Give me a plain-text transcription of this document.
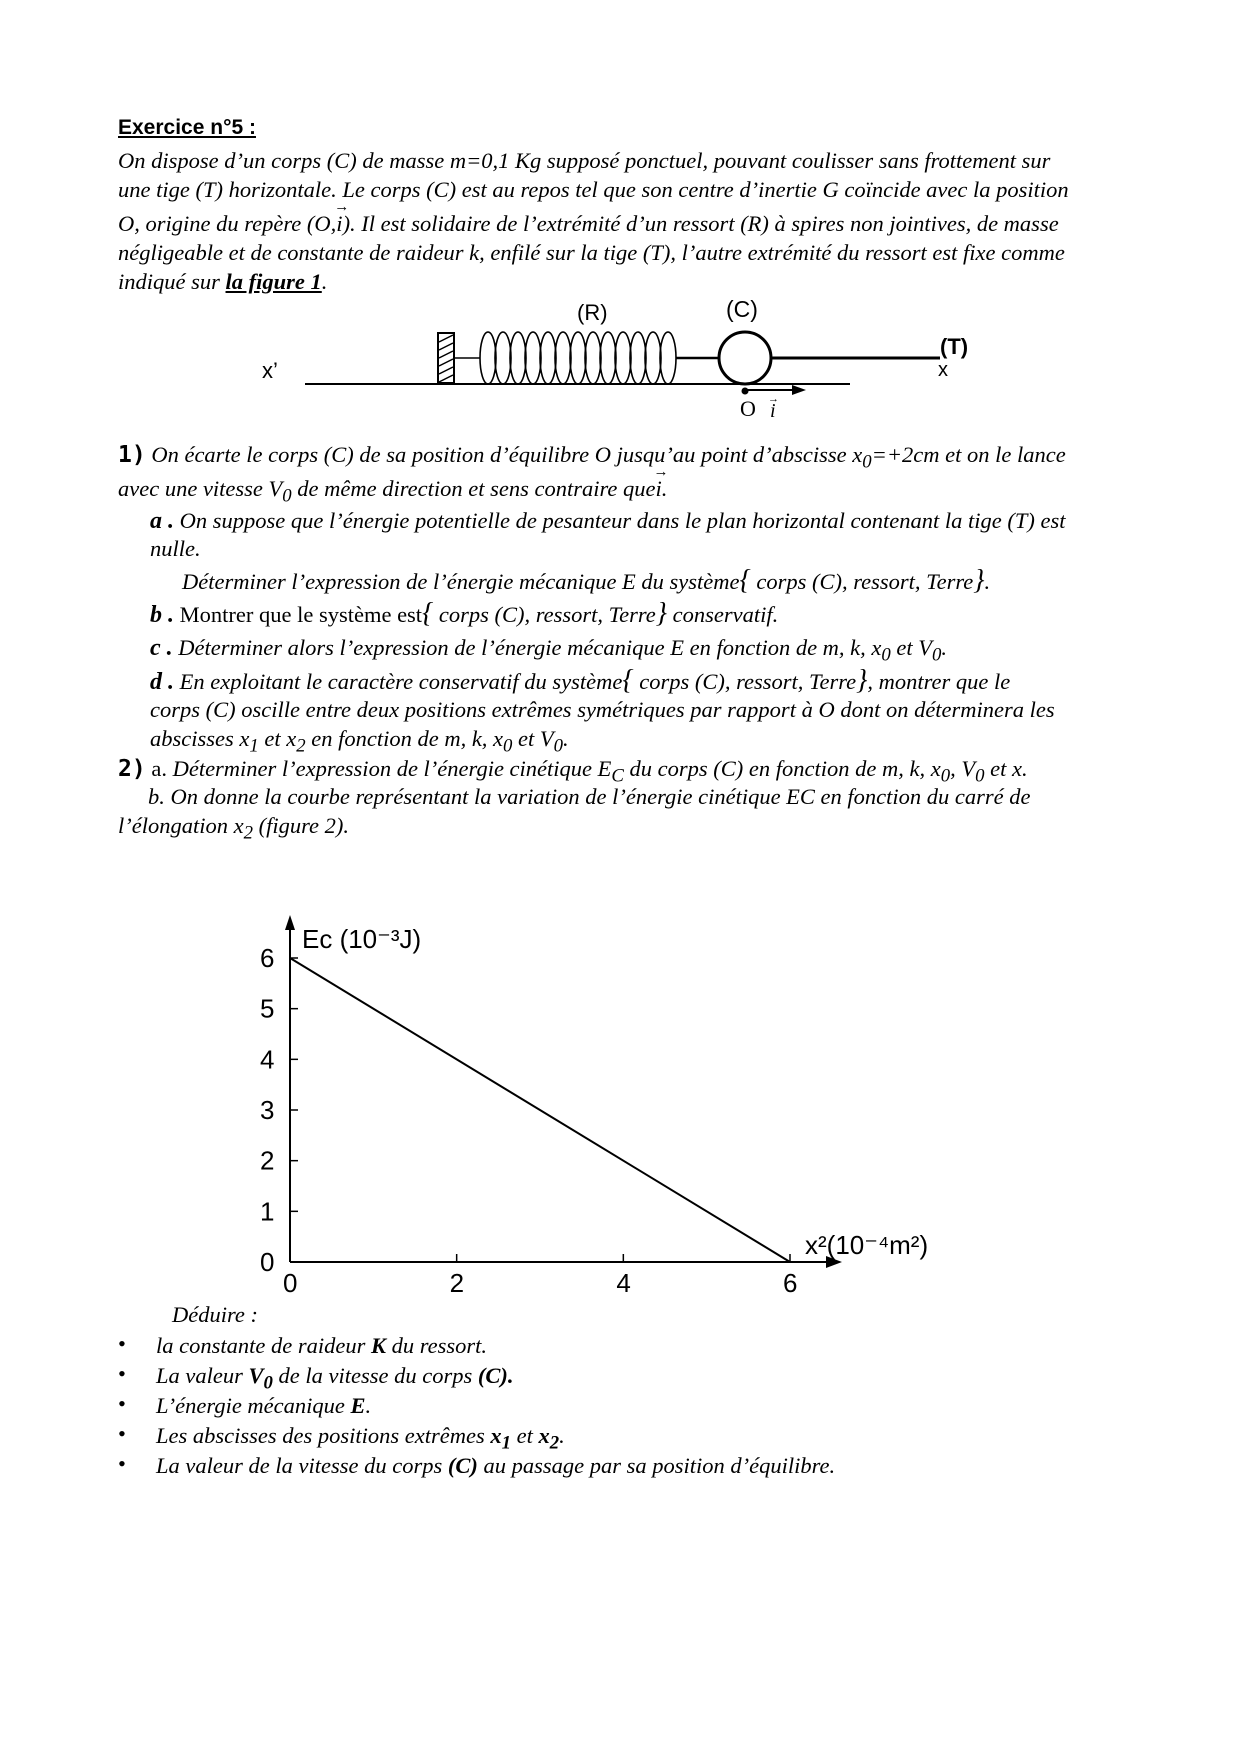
Exercice n°5 :
On dispose d’un corps (C) de masse m=0,1 Kg supposé ponctuel, pouvant coulisser sans frottement sur
une tige (T) horizontale. Le corps (C) est au repos tel que son centre d’inertie G coïncide avec la position
O, origine du repère (O,
→
i). Il est solidaire de l’extrémité d’un ressort (R) à spires non jointives, de masse
négligeable et de constante de raideur k, enfilé sur la tige (T), l’autre extrémité du ressort est fixe comme
indiqué sur la figure 1.
(R)	(C)
(T)
x’	x
O i
→
1) On écarte le corps (C) de sa position d’équilibre O jusqu’au point d’abscisse $x_0=+2cm$ et on le lance
avec une vitesse $V_0$ de même direction et sens contraire que
→
i.
a . On suppose que l’énergie potentielle de pesanteur dans le plan horizontal contenant la tige (T) est
nulle.
Déterminer l’expression de l’énergie mécanique E du système{ corps (C), ressort, Terre}.
b . Montrer que le système est{ corps (C), ressort, Terre} conservatif.
c . Déterminer alors l’expression de l’énergie mécanique E en fonction de m, k, $x_0$ et $V_0$.
d . En exploitant le caractère conservatif du système{ corps (C), ressort, Terre}, montrer que le
corps (C) oscille entre deux positions extrêmes symétriques par rapport à O dont on déterminera les
abscisses $x_1$ et $x_2$ en fonction de m, k, $x_0$ et $V_0$.
2) a. Déterminer l’expression de l’énergie cinétique $E_C$ du corps (C) en fonction de m, k, $x_0$, $V_0$ et x.
b. On donne la courbe représentant la variation de l’énergie cinétique EC en fonction du carré de
l’élongation $x_2$ (figure 2).
0
1
2
3
4
5
6
0	2	4	6
Ec (10⁻³J)
x²(10⁻⁴m²)
Déduire :
• la constante de raideur K du ressort.
• La valeur $V_0$ de la vitesse du corps (C).
• L’énergie mécanique E.
• Les abscisses des positions extrêmes $x_1$ et $x_2$.
• La valeur de la vitesse du corps (C) au passage par sa position d’équilibre.
